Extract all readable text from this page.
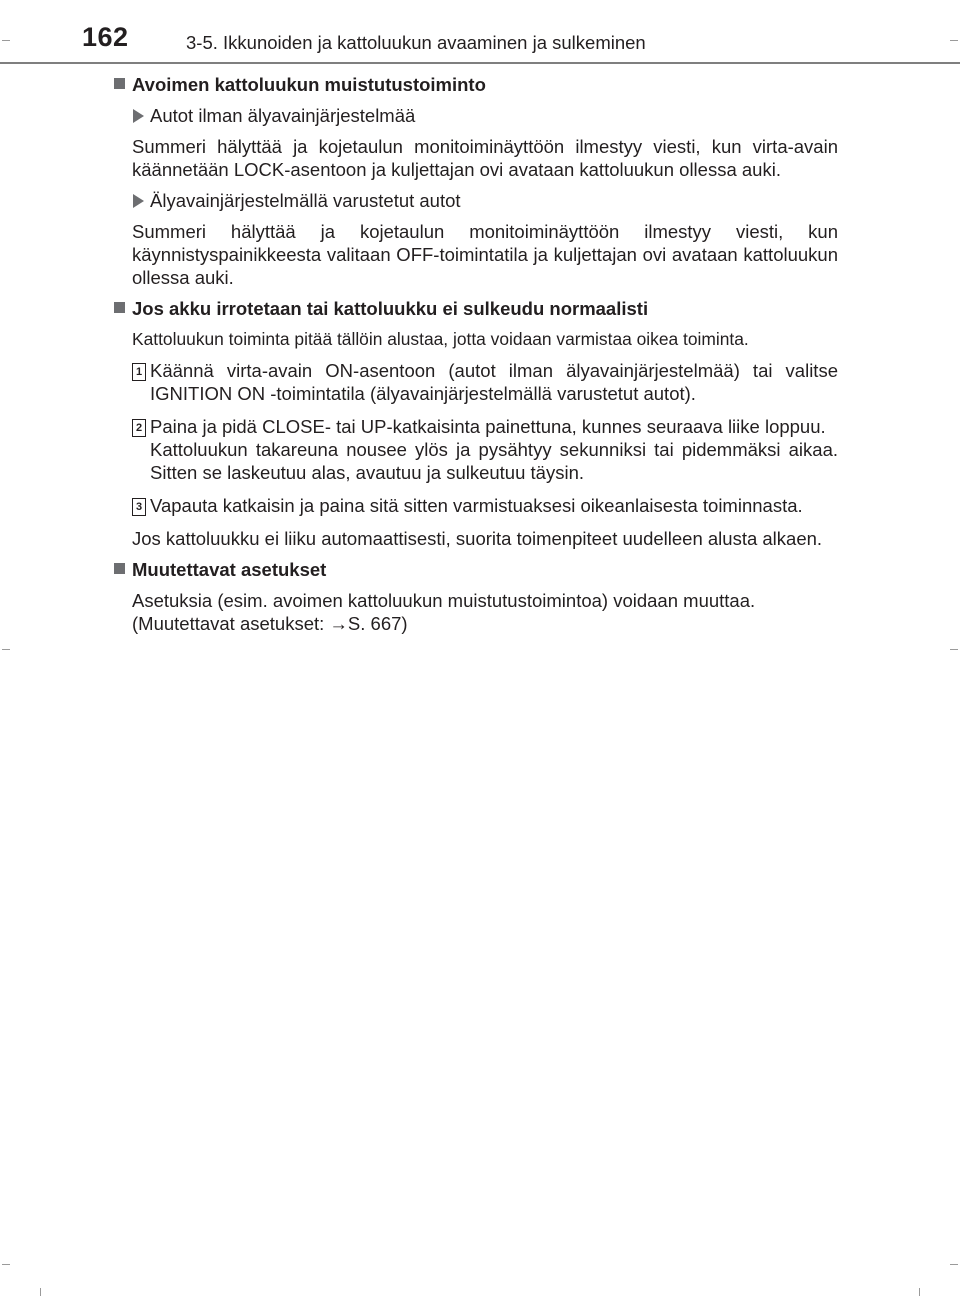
162	3-5. Ikkunoiden ja kattoluukun avaaminen ja sulkeminen
Avoimen kattoluukun muistutustoiminto
Autot ilman älyavainjärjestelmää
Summeri hälyttää ja kojetaulun monitoiminäyttöön ilmestyy viesti, kun virta-avain käännetään LOCK-asentoon ja kuljettajan ovi avataan kattoluukun ollessa auki.
Älyavainjärjestelmällä varustetut autot
Summeri hälyttää ja kojetaulun monitoiminäyttöön ilmestyy viesti, kun käynnistyspainikkeesta valitaan OFF-toimintatila ja kuljettajan ovi avataan kattoluukun ollessa auki.
Jos akku irrotetaan tai kattoluukku ei sulkeudu normaalisti
Kattoluukun toiminta pitää tällöin alustaa, jotta voidaan varmistaa oikea toiminta.
1 Käännä virta-avain ON-asentoon (autot ilman älyavainjärjestelmää) tai valitse IGNITION ON -toimintatila (älyavainjärjestelmällä varustetut autot).
2 Paina ja pidä CLOSE- tai UP-katkaisinta painettuna, kunnes seuraava liike loppuu.
Kattoluukun takareuna nousee ylös ja pysähtyy sekunniksi tai pidemmäksi aikaa. Sitten se laskeutuu alas, avautuu ja sulkeutuu täysin.
3 Vapauta katkaisin ja paina sitä sitten varmistuaksesi oikeanlaisesta toiminnasta.
Jos kattoluukku ei liiku automaattisesti, suorita toimenpiteet uudelleen alusta alkaen.
Muutettavat asetukset
Asetuksia (esim. avoimen kattoluukun muistutustoimintoa) voidaan muuttaa.
(Muutettavat asetukset: →S. 667)
